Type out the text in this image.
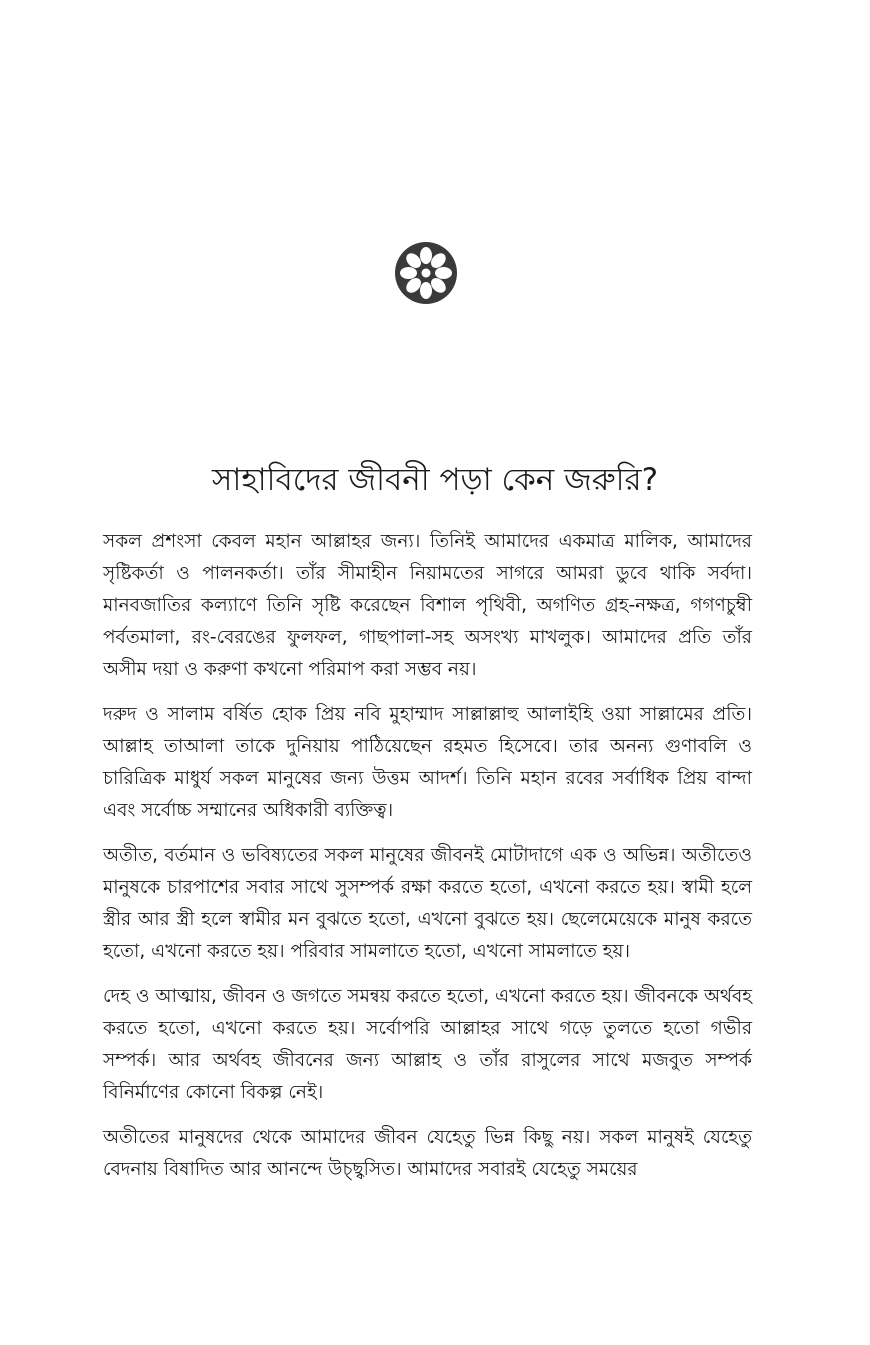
সাহাবিদের জীবনী পড়া কেন জরুরি?

সকল প্রশংসা কেবল মহান আল্লাহর জন্য। তিনিই আমাদের একমাত্র মালিক, আমাদের সৃষ্টিকর্তা ও পালনকর্তা। তাঁর সীমাহীন নিয়ামতের সাগরে আমরা ডুবে থাকি সর্বদা। মানবজাতির কল্যাণে তিনি সৃষ্টি করেছেন বিশাল পৃথিবী, অগণিত গ্রহ-নক্ষত্র, গগণচুম্বী পর্বতমালা, রং-বেরঙের ফুলফল, গাছপালা-সহ অসংখ্য মাখলুক। আমাদের প্রতি তাঁর অসীম দয়া ও করুণা কখনো পরিমাপ করা সম্ভব নয়।

দরুদ ও সালাম বর্ষিত হোক প্রিয় নবি মুহাম্মাদ সাল্লাল্লাহু আলাইহি ওয়া সাল্লামের প্রতি। আল্লাহ তাআলা তাকে দুনিয়ায় পাঠিয়েছেন রহমত হিসেবে। তার অনন্য গুণাবলি ও চারিত্রিক মাধুর্য সকল মানুষের জন্য উত্তম আদর্শ। তিনি মহান রবের সর্বাধিক প্রিয় বান্দা এবং সর্বোচ্চ সম্মানের অধিকারী ব্যক্তিত্ব।

অতীত, বর্তমান ও ভবিষ্যতের সকল মানুষের জীবনই মোটাদাগে এক ও অভিন্ন। অতীতেও মানুষকে চারপাশের সবার সাথে সুসম্পর্ক রক্ষা করতে হতো, এখনো করতে হয়। স্বামী হলে স্ত্রীর আর স্ত্রী হলে স্বামীর মন বুঝতে হতো, এখনো বুঝতে হয়। ছেলেমেয়েকে মানুষ করতে হতো, এখনো করতে হয়। পরিবার সামলাতে হতো, এখনো সামলাতে হয়।

দেহ ও আত্মায়, জীবন ও জগতে সমন্বয় করতে হতো, এখনো করতে হয়। জীবনকে অর্থবহ করতে হতো, এখনো করতে হয়। সর্বোপরি আল্লাহর সাথে গড়ে তুলতে হতো গভীর সম্পর্ক। আর অর্থবহ জীবনের জন্য আল্লাহ ও তাঁর রাসুলের সাথে মজবুত সম্পর্ক বিনির্মাণের কোনো বিকল্প নেই।

অতীতের মানুষদের থেকে আমাদের জীবন যেহেতু ভিন্ন কিছু নয়। সকল মানুষই যেহেতু বেদনায় বিষাদিত আর আনন্দে উচ্ছ্বসিত। আমাদের সবারই যেহেতু সময়ের
